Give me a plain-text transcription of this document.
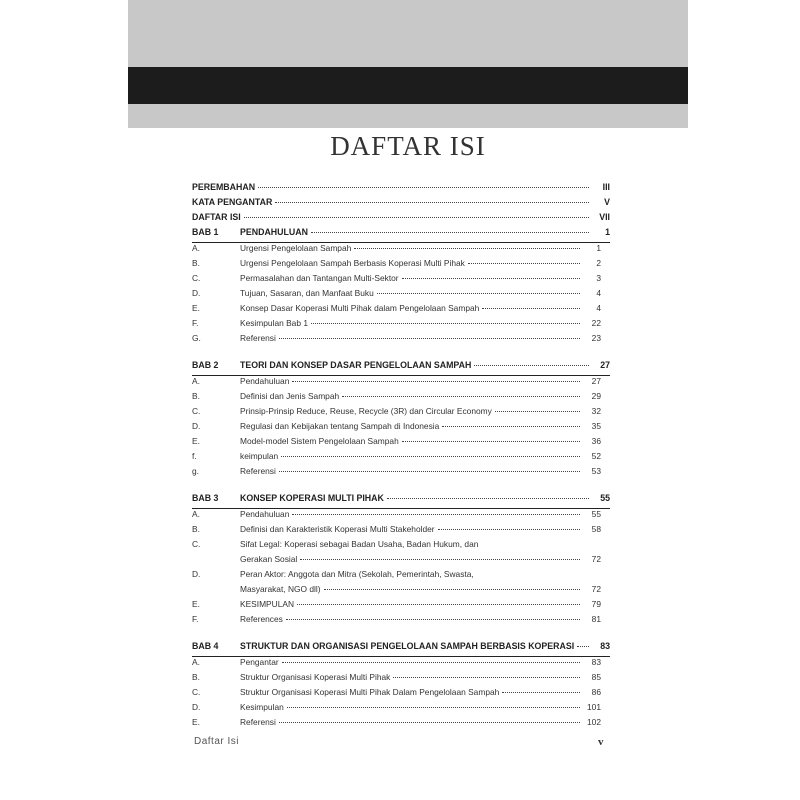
DAFTAR ISI
PEREMBAHAN	III
KATA PENGANTAR	V
DAFTAR ISI	VII
BAB 1	PENDAHULUAN	1
A.	Urgensi Pengelolaan Sampah	1
B.	Urgensi Pengelolaan Sampah Berbasis Koperasi Multi Pihak	2
C.	Permasalahan dan Tantangan Multi-Sektor	3
D.	Tujuan, Sasaran, dan Manfaat Buku	4
E.	Konsep Dasar Koperasi Multi Pihak dalam Pengelolaan Sampah	4
F.	Kesimpulan Bab 1	22
G.	Referensi	23
BAB 2	TEORI DAN KONSEP DASAR PENGELOLAAN SAMPAH	27
A.	Pendahuluan	27
B.	Definisi dan Jenis Sampah	29
C.	Prinsip-Prinsip Reduce, Reuse, Recycle (3R) dan Circular Economy	32
D.	Regulasi dan Kebijakan tentang Sampah di Indonesia	35
E.	Model-model Sistem Pengelolaan Sampah	36
f.	keimpulan	52
g.	Referensi	53
BAB 3	KONSEP KOPERASI MULTI PIHAK	55
A.	Pendahuluan	55
B.	Definisi dan Karakteristik Koperasi Multi Stakeholder	58
C.	Sifat Legal: Koperasi sebagai Badan Usaha, Badan Hukum, dan
Gerakan Sosial	72
D.	Peran Aktor: Anggota dan Mitra (Sekolah, Pemerintah, Swasta,
Masyarakat, NGO dll)	72
E.	KESIMPULAN	79
F.	References	81
BAB 4	STRUKTUR DAN ORGANISASI PENGELOLAAN SAMPAH BERBASIS KOPERASI	83
A.	Pengantar	83
B.	Struktur Organisasi Koperasi Multi Pihak	85
C.	Struktur Organisasi Koperasi Multi Pihak Dalam Pengelolaan Sampah	86
D.	Kesimpulan	101
E.	Referensi	102
Daftar Isi	v
